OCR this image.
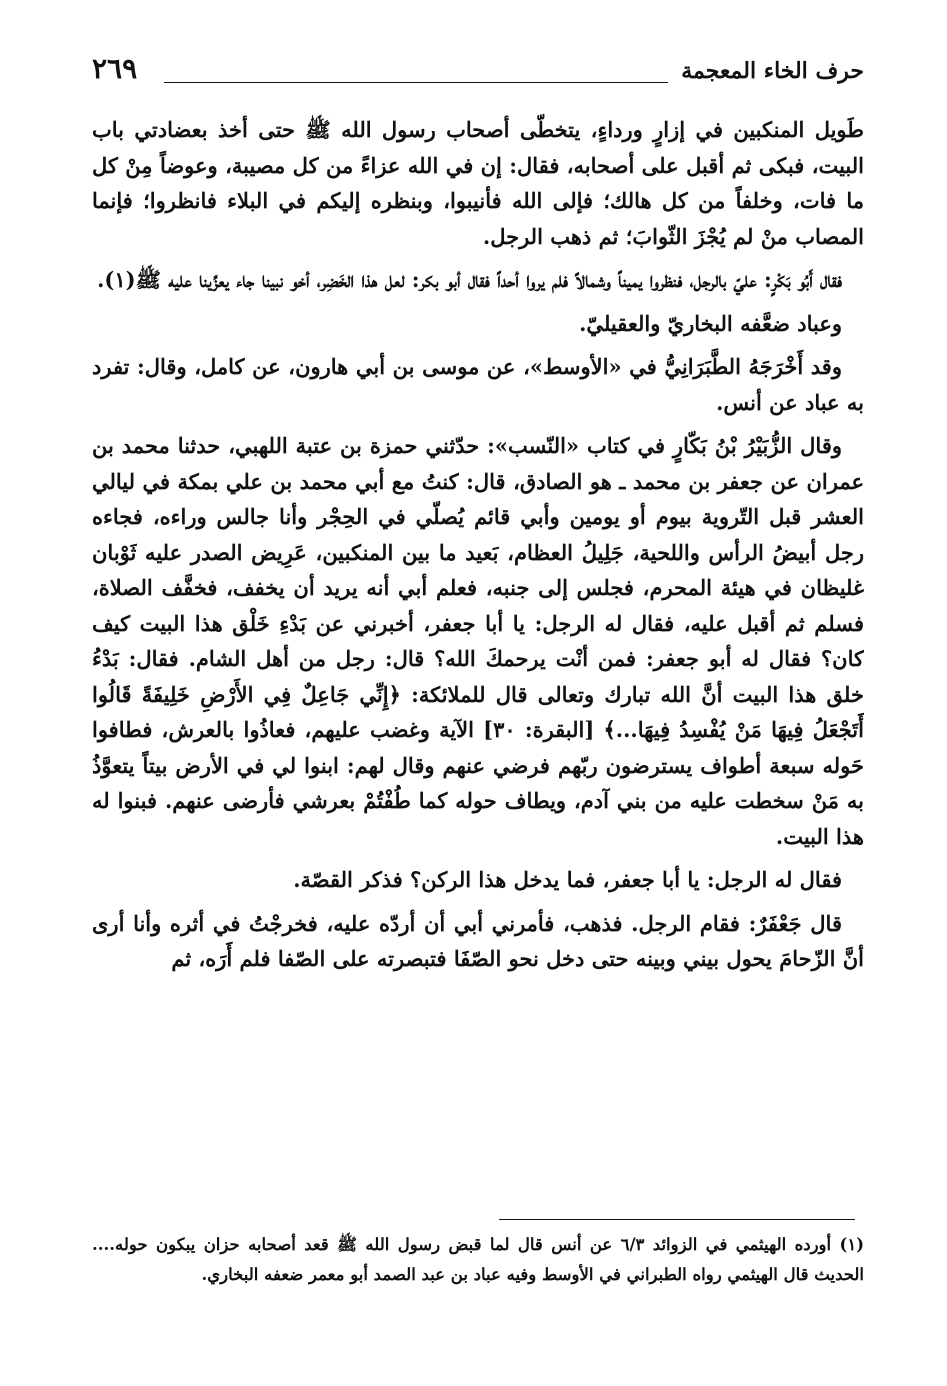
حرف الخاء المعجمة
٢٦٩

طَويل المنكبين في إزارٍ ورداءٍ، يتخطّى أصحاب رسول الله ﷺ حتى أخذ بعضادتي باب البيت، فبكى ثم أقبل على أصحابه، فقال: إن في الله عزاءً من كل مصيبة، وعوضاً مِنْ كل ما فات، وخلفاً من كل هالك؛ فإلى الله فأنيبوا، وبنظره إليكم في البلاء فانظروا؛ فإنما المصاب منْ لم يُجْزَ الثّوابَ؛ ثم ذهب الرجل.

فقال أَبُو بَكْرٍ: عليّ بالرجل، فنظروا يميناً وشمالاً فلم يروا أحداً فقال أبو بكر: لعل هذا الخَضِر، أخو نبينا جاء يعزِّينا عليه ﷺ(١).

وعباد ضعَّفه البخاريّ والعقيليّ.

وقد أَخْرَجَهُ الطَّبَرَانِيُّ في «الأوسط»، عن موسى بن أبي هارون، عن كامل، وقال: تفرد به عباد عن أنس.

وقال الزُّبَيْرُ بْنُ بَكّارٍ في كتاب «النّسب»: حدّثني حمزة بن عتبة اللهبي، حدثنا محمد بن عمران عن جعفر بن محمد ـ هو الصادق، قال: كنتُ مع أبي محمد بن علي بمكة في ليالي العشر قبل التّروية بيوم أو يومين وأبي قائم يُصلّي في الحِجْر وأنا جالس وراءه، فجاءه رجل أبيضُ الرأس واللحية، جَلِيلُ العظام، بَعيد ما بين المنكبين، عَرِيض الصدر عليه ثَوْبان غليظان في هيئة المحرم، فجلس إلى جنبه، فعلم أبي أنه يريد أن يخفف، فخفَّف الصلاة، فسلم ثم أقبل عليه، فقال له الرجل: يا أبا جعفر، أخبرني عن بَدْءِ خَلْق هذا البيت كيف كان؟ فقال له أبو جعفر: فمن أنْت يرحمكَ الله؟ قال: رجل من أهل الشام. فقال: بَدْءُ خلق هذا البيت أنَّ الله تبارك وتعالى قال للملائكة: ﴿إِنِّي جَاعِلٌ فِي الأَرْضِ خَلِيفَةً قَالُوا أَتَجْعَلُ فِيهَا مَنْ يُفْسِدُ فِيهَا...﴾ [البقرة: ٣٠] الآية وغضب عليهم، فعاذُوا بالعرش، فطافوا حَوله سبعة أطواف يسترضون ربّهم فرضي عنهم وقال لهم: ابنوا لي في الأرض بيتاً يتعوَّذُ به مَنْ سخطت عليه من بني آدم، ويطاف حوله كما طُفْتُمْ بعرشي فأرضى عنهم. فبنوا له هذا البيت.

فقال له الرجل: يا أبا جعفر، فما يدخل هذا الركن؟ فذكر القصّة.

قال جَعْفَرٌ: فقام الرجل. فذهب، فأمرني أبي أن أردّه عليه، فخرجْتُ في أثره وأنا أرى أنَّ الزّحامَ يحول بيني وبينه حتى دخل نحو الصّفَا فتبصرته على الصّفا فلم أَرَه، ثم

(١) أورده الهيثمي في الزوائد ٦/٣ عن أنس قال لما قبض رسول الله ﷺ قعد أصحابه حزان يبكون حوله.... الحديث قال الهيثمي رواه الطبراني في الأوسط وفيه عباد بن عبد الصمد أبو معمر ضعفه البخاري.
